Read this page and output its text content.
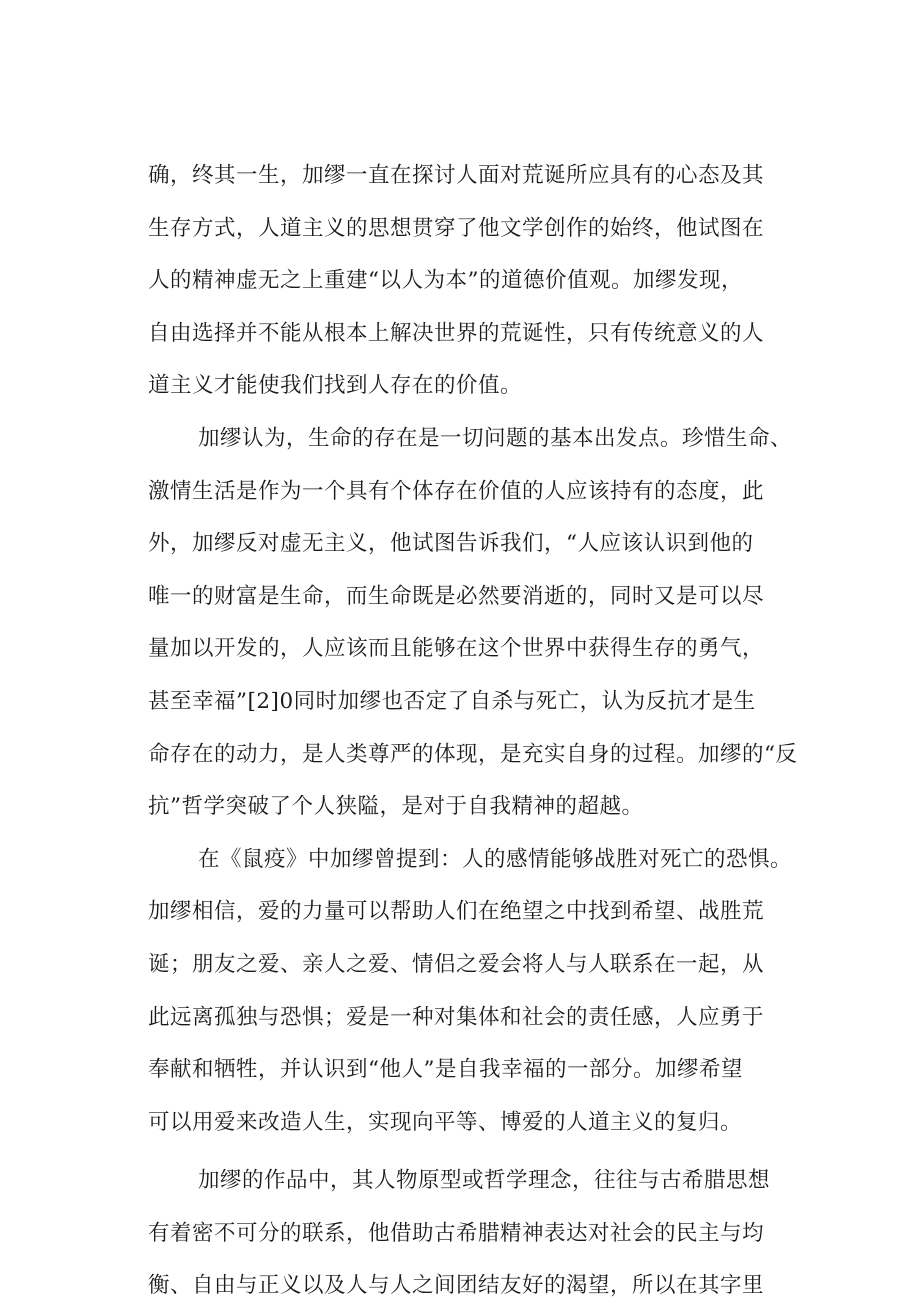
确，终其一生，加缪一直在探讨人面对荒诞所应具有的心态及其
生存方式，人道主义的思想贯穿了他文学创作的始终，他试图在
人的精神虚无之上重建“以人为本”的道德价值观。加缪发现，
自由选择并不能从根本上解决世界的荒诞性，只有传统意义的人
道主义才能使我们找到人存在的价值。
加缪认为，生命的存在是一切问题的基本出发点。珍惜生命、
激情生活是作为一个具有个体存在价值的人应该持有的态度，此
外，加缪反对虚无主义，他试图告诉我们，“人应该认识到他的
唯一的财富是生命，而生命既是必然要消逝的，同时又是可以尽
量加以开发的，人应该而且能够在这个世界中获得生存的勇气，
甚至幸福”[2]0同时加缪也否定了自杀与死亡，认为反抗才是生
命存在的动力，是人类尊严的体现，是充实自身的过程。加缪的“反
抗”哲学突破了个人狭隘，是对于自我精神的超越。
在《鼠疫》中加缪曾提到：人的感情能够战胜对死亡的恐惧。
加缪相信，爱的力量可以帮助人们在绝望之中找到希望、战胜荒
诞；朋友之爱、亲人之爱、情侣之爱会将人与人联系在一起，从
此远离孤独与恐惧；爱是一种对集体和社会的责任感，人应勇于
奉献和牺牲，并认识到“他人”是自我幸福的一部分。加缪希望
可以用爱来改造人生，实现向平等、博爱的人道主义的复归。
加缪的作品中，其人物原型或哲学理念，往往与古希腊思想
有着密不可分的联系，他借助古希腊精神表达对社会的民主与均
衡、自由与正义以及人与人之间团结友好的渴望，所以在其字里
